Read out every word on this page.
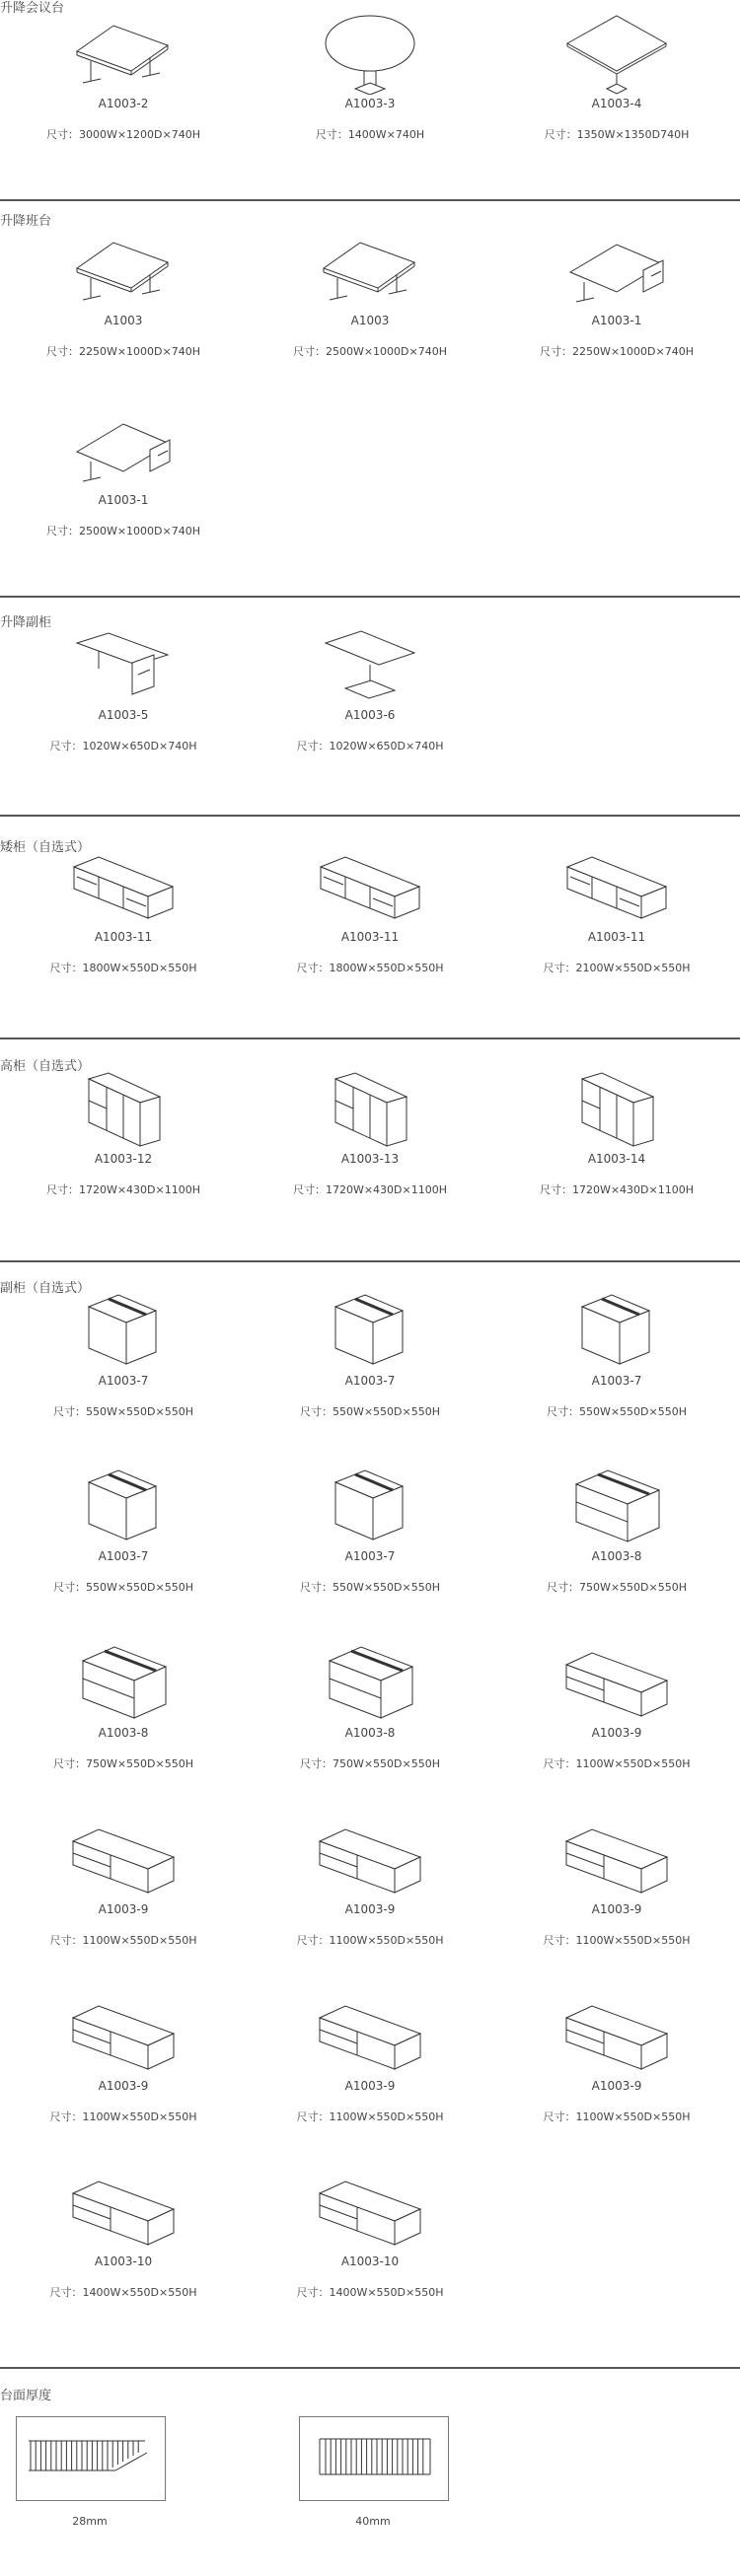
升降会议台
A1003-2
尺寸：3000W×1200D×740H
A1003-3
尺寸：1400W×740H
A1003-4
尺寸：1350W×1350D740H
升降班台
A1003
尺寸：2250W×1000D×740H
A1003
尺寸：2500W×1000D×740H
A1003-1
尺寸：2250W×1000D×740H
A1003-1
尺寸：2500W×1000D×740H
升降副柜
A1003-5
尺寸：1020W×650D×740H
A1003-6
尺寸：1020W×650D×740H
矮柜（自选式）
A1003-11
尺寸：1800W×550D×550H
A1003-11
尺寸：1800W×550D×550H
A1003-11
尺寸：2100W×550D×550H
高柜（自选式）
A1003-12
尺寸：1720W×430D×1100H
A1003-13
尺寸：1720W×430D×1100H
A1003-14
尺寸：1720W×430D×1100H
副柜（自选式）
A1003-7
尺寸：550W×550D×550H
A1003-7
尺寸：550W×550D×550H
A1003-7
尺寸：550W×550D×550H
A1003-7
尺寸：550W×550D×550H
A1003-7
尺寸：550W×550D×550H
A1003-8
尺寸：750W×550D×550H
A1003-8
尺寸：750W×550D×550H
A1003-8
尺寸：750W×550D×550H
A1003-9
尺寸：1100W×550D×550H
A1003-9
尺寸：1100W×550D×550H
A1003-9
尺寸：1100W×550D×550H
A1003-9
尺寸：1100W×550D×550H
A1003-9
尺寸：1100W×550D×550H
A1003-9
尺寸：1100W×550D×550H
A1003-9
尺寸：1100W×550D×550H
A1003-10
尺寸：1400W×550D×550H
A1003-10
尺寸：1400W×550D×550H
台面厚度
28mm	40mm
